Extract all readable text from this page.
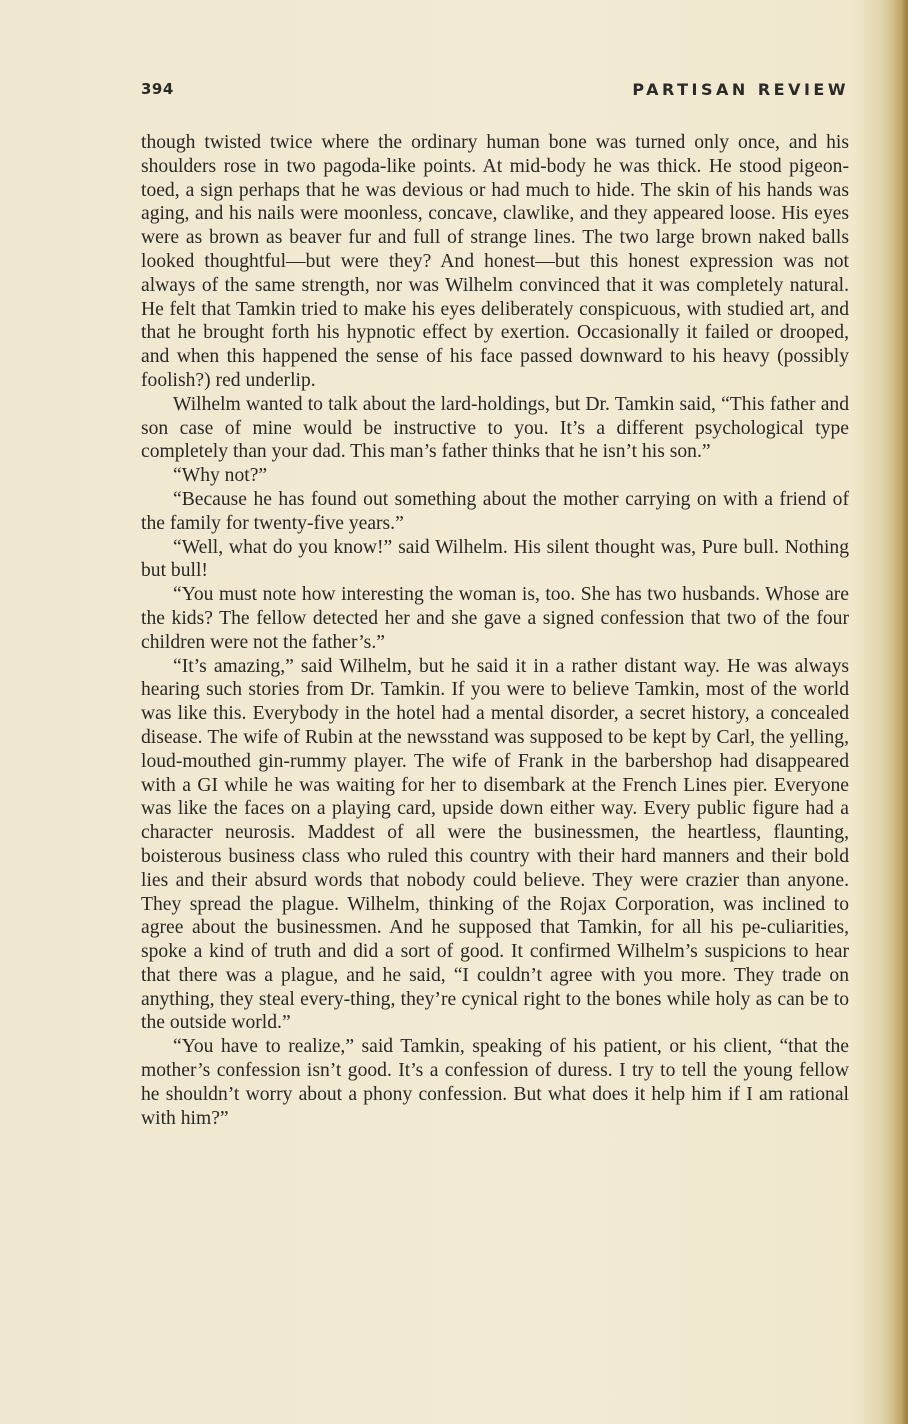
394	PARTISAN REVIEW

though twisted twice where the ordinary human bone was turned only once, and his shoulders rose in two pagoda-like points. At mid-body he was thick. He stood pigeon-toed, a sign perhaps that he was devious or had much to hide. The skin of his hands was aging, and his nails were moonless, concave, clawlike, and they appeared loose. His eyes were as brown as beaver fur and full of strange lines. The two large brown naked balls looked thoughtful—but were they? And honest—but this honest expression was not always of the same strength, nor was Wilhelm convinced that it was completely natural. He felt that Tamkin tried to make his eyes deliberately conspicuous, with studied art, and that he brought forth his hypnotic effect by exertion. Occasionally it failed or drooped, and when this happened the sense of his face passed downward to his heavy (possibly foolish?) red underlip.

Wilhelm wanted to talk about the lard-holdings, but Dr. Tamkin said, “This father and son case of mine would be instructive to you. It’s a different psychological type completely than your dad. This man’s father thinks that he isn’t his son.”

“Why not?”

“Because he has found out something about the mother carrying on with a friend of the family for twenty-five years.”

“Well, what do you know!” said Wilhelm. His silent thought was, Pure bull. Nothing but bull!

“You must note how interesting the woman is, too. She has two husbands. Whose are the kids? The fellow detected her and she gave a signed confession that two of the four children were not the father’s.”

“It’s amazing,” said Wilhelm, but he said it in a rather distant way. He was always hearing such stories from Dr. Tamkin. If you were to believe Tamkin, most of the world was like this. Everybody in the hotel had a mental disorder, a secret history, a concealed disease. The wife of Rubin at the newsstand was supposed to be kept by Carl, the yelling, loud-mouthed gin-rummy player. The wife of Frank in the barbershop had disappeared with a GI while he was waiting for her to disembark at the French Lines pier. Everyone was like the faces on a playing card, upside down either way. Every public figure had a character neurosis. Maddest of all were the businessmen, the heartless, flaunting, boisterous business class who ruled this country with their hard manners and their bold lies and their absurd words that nobody could believe. They were crazier than anyone. They spread the plague. Wilhelm, thinking of the Rojax Corporation, was inclined to agree about the businessmen. And he supposed that Tamkin, for all his pe-culiarities, spoke a kind of truth and did a sort of good. It confirmed Wilhelm’s suspicions to hear that there was a plague, and he said, “I couldn’t agree with you more. They trade on anything, they steal every-thing, they’re cynical right to the bones while holy as can be to the outside world.”

“You have to realize,” said Tamkin, speaking of his patient, or his client, “that the mother’s confession isn’t good. It’s a confession of duress. I try to tell the young fellow he shouldn’t worry about a phony confession. But what does it help him if I am rational with him?”
